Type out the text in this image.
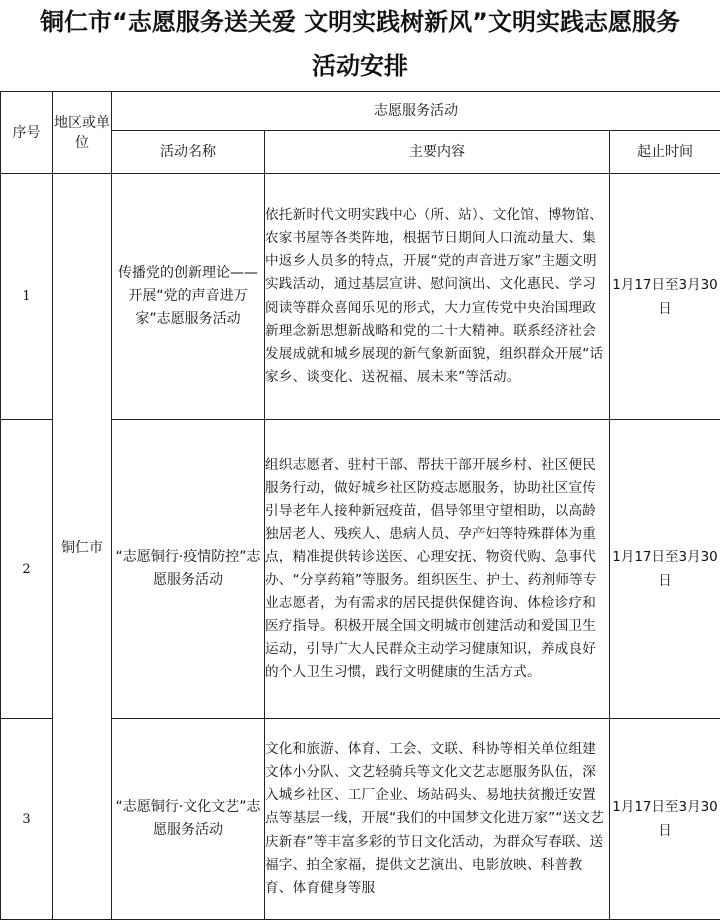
铜仁市“志愿服务送关爱 文明实践树新风”文明实践志愿服务
活动安排
序号	地区或单位	志愿服务活动		
		活动名称	主要内容	起止时间
1	铜仁市	传播党的创新理论——开展“党的声音进万家”志愿服务活动	依托新时代文明实践中心（所、站）、文化馆、博物馆、农家书屋等各类阵地，根据节日期间人口流动量大、集中返乡人员多的特点，开展“党的声音进万家”主题文明实践活动，通过基层宣讲、慰问演出、文化惠民、学习阅读等群众喜闻乐见的形式，大力宣传党中央治国理政新理念新思想新战略和党的二十大精神。联系经济社会发展成就和城乡展现的新气象新面貌，组织群众开展“话家乡、谈变化、送祝福、展未来”等活动。	1月17日至3月30日
2		“志愿铜行·疫情防控”志愿服务活动	组织志愿者、驻村干部、帮扶干部开展乡村、社区便民服务行动，做好城乡社区防疫志愿服务，协助社区宣传引导老年人接种新冠疫苗，倡导邻里守望相助，以高龄独居老人、残疾人、患病人员、孕产妇等特殊群体为重点，精准提供转诊送医、心理安抚、物资代购、急事代办、“分享药箱”等服务。组织医生、护士、药剂师等专业志愿者，为有需求的居民提供保健咨询、体检诊疗和医疗指导。积极开展全国文明城市创建活动和爱国卫生运动，引导广大人民群众主动学习健康知识，养成良好的个人卫生习惯，践行文明健康的生活方式。	1月17日至3月30日
3		“志愿铜行·文化文艺”志愿服务活动	文化和旅游、体育、工会、文联、科协等相关单位组建文体小分队、文艺轻骑兵等文化文艺志愿服务队伍，深入城乡社区、工厂企业、场站码头、易地扶贫搬迁安置点等基层一线，开展“我们的中国梦文化进万家”“送文艺 庆新春”等丰富多彩的节日文化活动，为群众写春联、送福字、拍全家福，提供文艺演出、电影放映、科普教育、体育健身等服	1月17日至3月30日
